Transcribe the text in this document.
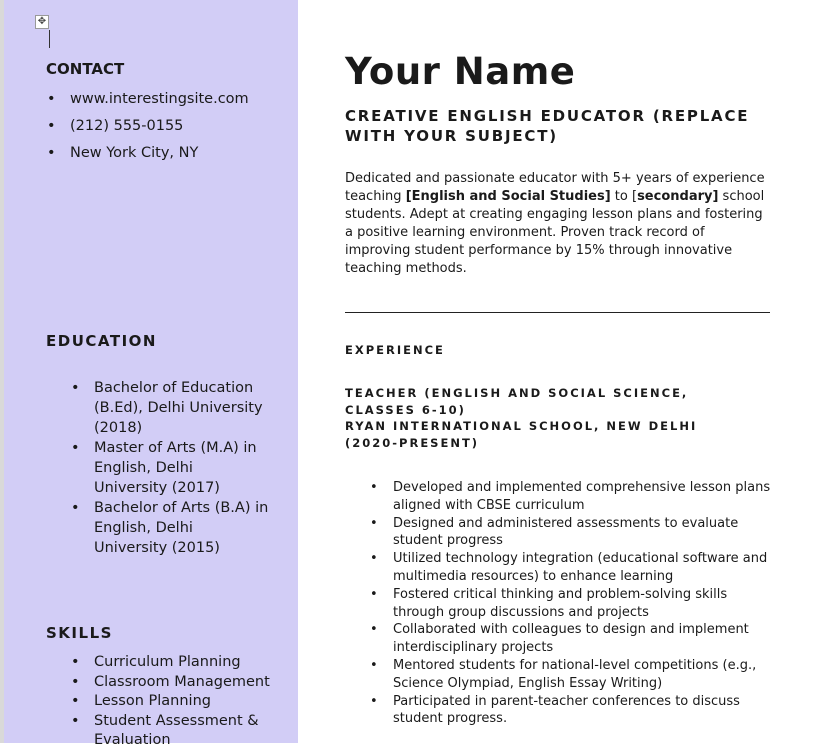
✥
CONTACT
• www.interestingsite.com
• (212) 555-0155
• New York City, NY
EDUCATION
• Bachelor of Education (B.Ed), Delhi University (2018)
• Master of Arts (M.A) in English, Delhi University (2017)
• Bachelor of Arts (B.A) in English, Delhi University (2015)
SKILLS
• Curriculum Planning
• Classroom Management
• Lesson Planning
• Student Assessment & Evaluation
Your Name
CREATIVE ENGLISH EDUCATOR (REPLACE WITH YOUR SUBJECT)
Dedicated and passionate educator with 5+ years of experience teaching [English and Social Studies] to [secondary] school students. Adept at creating engaging lesson plans and fostering a positive learning environment. Proven track record of improving student performance by 15% through innovative teaching methods.
EXPERIENCE
TEACHER (ENGLISH AND SOCIAL SCIENCE, CLASSES 6-10)
RYAN INTERNATIONAL SCHOOL, NEW DELHI (2020-PRESENT)
• Developed and implemented comprehensive lesson plans aligned with CBSE curriculum
• Designed and administered assessments to evaluate student progress
• Utilized technology integration (educational software and multimedia resources) to enhance learning
• Fostered critical thinking and problem-solving skills through group discussions and projects
• Collaborated with colleagues to design and implement interdisciplinary projects
• Mentored students for national-level competitions (e.g., Science Olympiad, English Essay Writing)
• Participated in parent-teacher conferences to discuss student progress.
